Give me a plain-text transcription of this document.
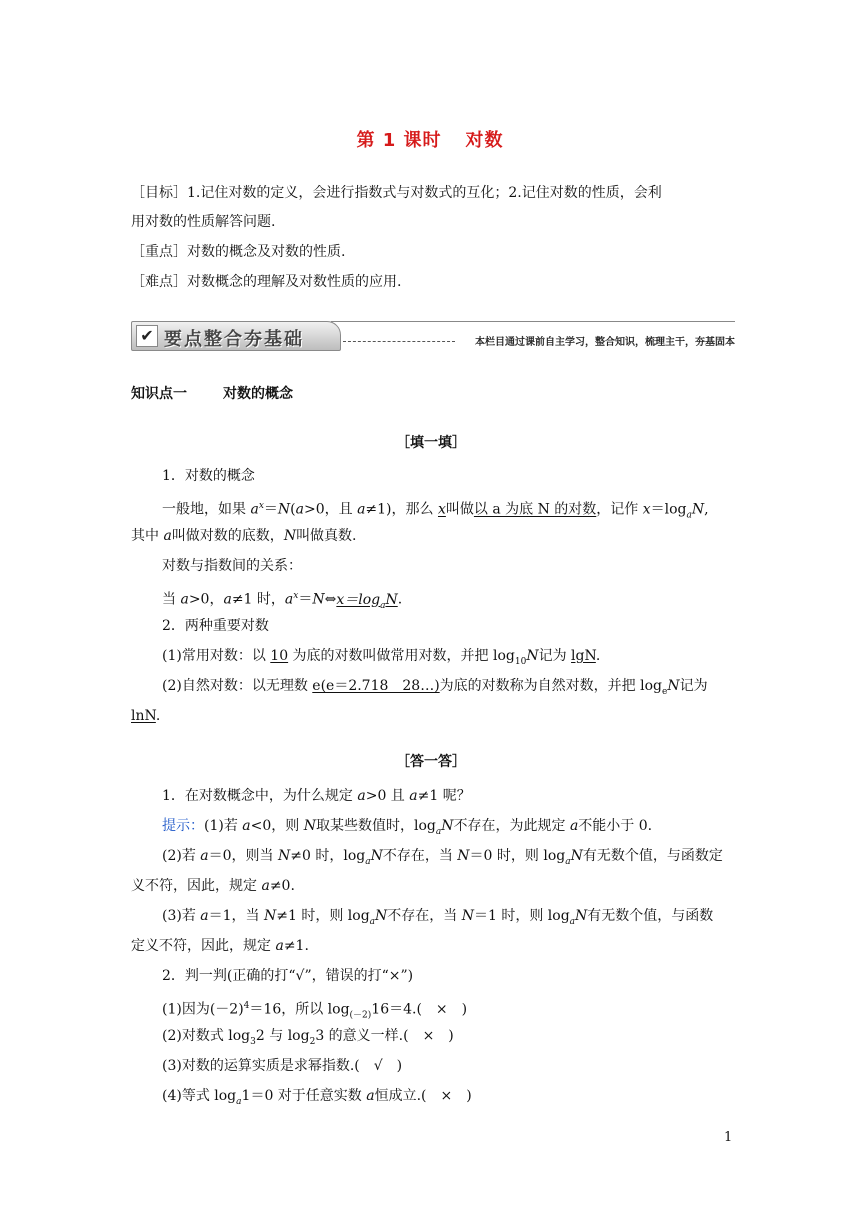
第 1 课时 对数
［目标］1.记住对数的定义，会进行指数式与对数式的互化；2.记住对数的性质，会利
用对数的性质解答问题.
［重点］对数的概念及对数的性质.
［难点］对数概念的理解及对数性质的应用.
✔ 要点整合夯基础	本栏目通过课前自主学习，整合知识，梳理主干，夯基固本
知识点一	对数的概念
［填一填］
1．对数的概念
一般地，如果 $a^x=N(a>0$，且 a≠1)，那么 x叫做以 a 为底 N 的对数，记作 $x=\log_aN$,
其中 a叫做对数的底数，N叫做真数.
对数与指数间的关系：
当 a>0，a≠1 时，$a^x=N\Leftrightarrow x=\log_aN$.
2．两种重要对数
(1)常用对数：以 10 为底的对数叫做常用对数，并把 $\log_{10}N$记为 lgN.
(2)自然对数：以无理数 e(e＝2.718　28…)为底的对数称为自然对数，并把 $\log_eN$记为
lnN.
［答一答］
1．在对数概念中，为什么规定 a>0 且 a≠1 呢？
提示：(1)若 a<0，则 N取某些数值时，$\log_aN$不存在，为此规定 a不能小于 0.
(2)若 a＝0，则当 N≠0 时，$\log_aN$不存在，当 N＝0 时，则 $\log_aN$有无数个值，与函数定
义不符，因此，规定 a≠0.
(3)若 a＝1，当 N≠1 时，则 $\log_aN$不存在，当 N＝1 时，则 $\log_aN$有无数个值，与函数
定义不符，因此，规定 a≠1.
2．判一判(正确的打“√”，错误的打“×”)
(1)因为$(-2)^4=16$，所以 $\log_{(-2)}16=4$.(　×　)
(2)对数式 $\log_32$ 与 $\log_23$ 的意义一样.(　×　)
(3)对数的运算实质是求幂指数.(　√　)
(4)等式 $\log_a1=0$ 对于任意实数 a恒成立.(　×　)
1
